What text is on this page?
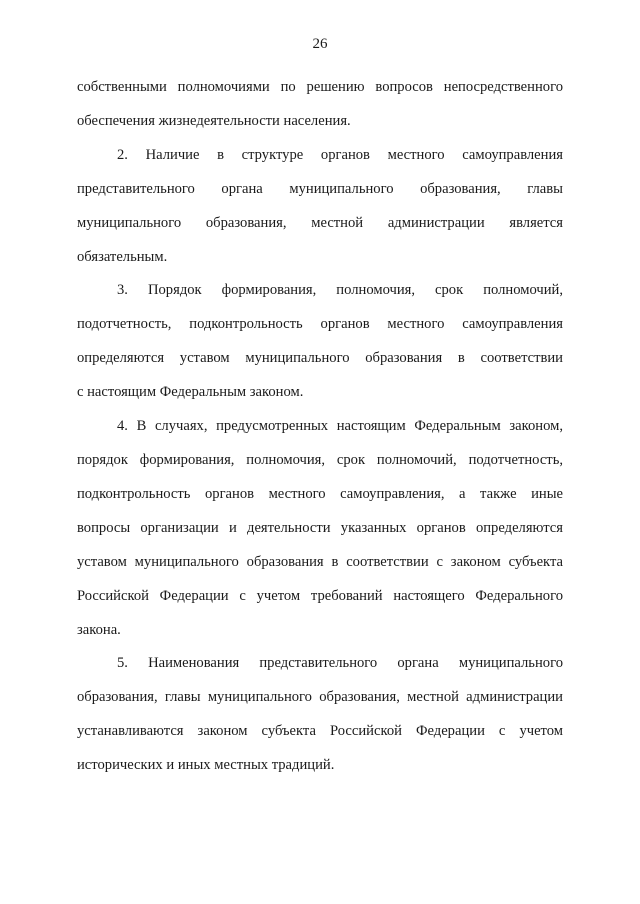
26

собственными полномочиями по решению вопросов непосредственного
обеспечения жизнедеятельности населения.

2. Наличие в структуре органов местного самоуправления
представительного органа муниципального образования, главы
муниципального образования, местной администрации является
обязательным.

3. Порядок формирования, полномочия, срок полномочий,
подотчетность, подконтрольность органов местного самоуправления
определяются уставом муниципального образования в соответствии
с настоящим Федеральным законом.

4. В случаях, предусмотренных настоящим Федеральным законом,
порядок формирования, полномочия, срок полномочий, подотчетность,
подконтрольность органов местного самоуправления, а также иные
вопросы организации и деятельности указанных органов определяются
уставом муниципального образования в соответствии с законом субъекта
Российской Федерации с учетом требований настоящего Федерального
закона.

5. Наименования представительного органа муниципального
образования, главы муниципального образования, местной администрации
устанавливаются законом субъекта Российской Федерации с учетом
исторических и иных местных традиций.
